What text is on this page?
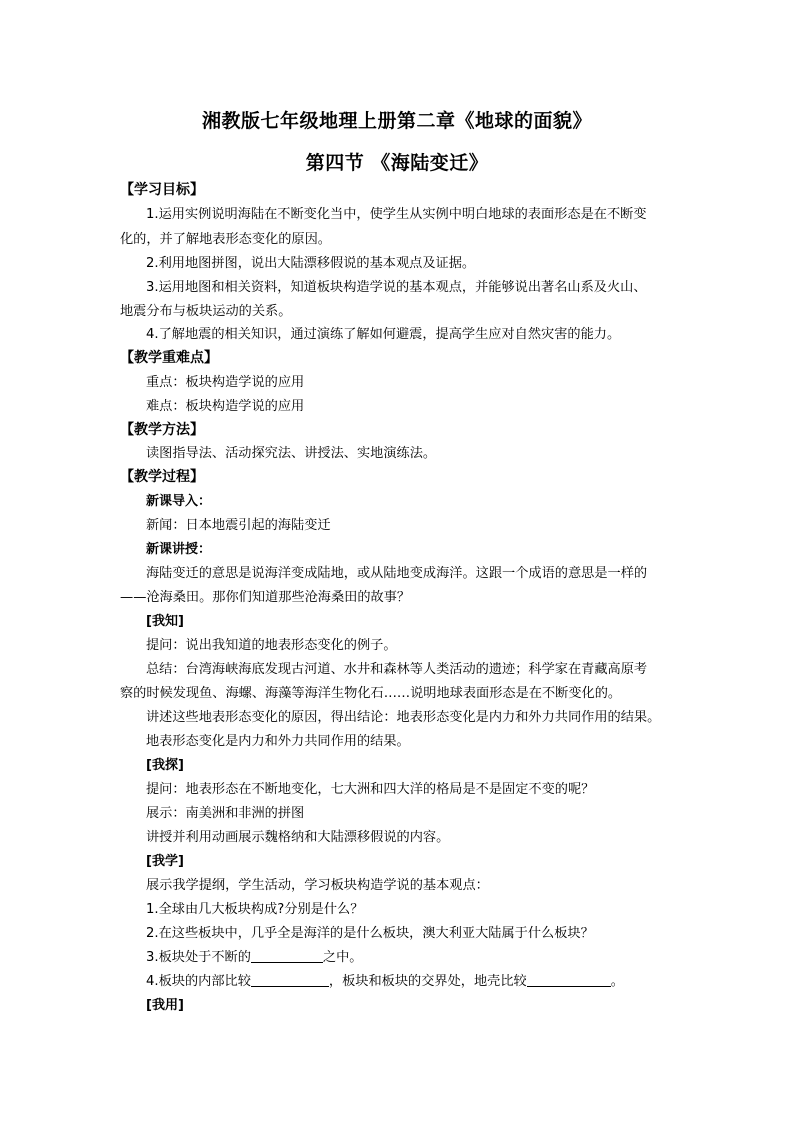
湘教版七年级地理上册第二章《地球的面貌》
第四节 《海陆变迁》
【学习目标】
1.运用实例说明海陆在不断变化当中，使学生从实例中明白地球的表面形态是在不断变
化的，并了解地表形态变化的原因。
2.利用地图拼图，说出大陆漂移假说的基本观点及证据。
3.运用地图和相关资料，知道板块构造学说的基本观点，并能够说出著名山系及火山、
地震分布与板块运动的关系。
4.了解地震的相关知识，通过演练了解如何避震，提高学生应对自然灾害的能力。
【教学重难点】
重点：板块构造学说的应用
难点：板块构造学说的应用
【教学方法】
读图指导法、活动探究法、讲授法、实地演练法。
【教学过程】
新课导入：
新闻：日本地震引起的海陆变迁
新课讲授：
海陆变迁的意思是说海洋变成陆地，或从陆地变成海洋。这跟一个成语的意思是一样的
——沧海桑田。那你们知道那些沧海桑田的故事？
[我知]
提问：说出我知道的地表形态变化的例子。
总结：台湾海峡海底发现古河道、水井和森林等人类活动的遗迹；科学家在青藏高原考
察的时候发现鱼、海螺、海藻等海洋生物化石……说明地球表面形态是在不断变化的。
讲述这些地表形态变化的原因，得出结论：地表形态变化是内力和外力共同作用的结果。
地表形态变化是内力和外力共同作用的结果。
[我探]
提问：地表形态在不断地变化，七大洲和四大洋的格局是不是固定不变的呢？
展示：南美洲和非洲的拼图
讲授并利用动画展示魏格纳和大陆漂移假说的内容。
[我学]
展示我学提纲，学生活动，学习板块构造学说的基本观点：
1.全球由几大板块构成?分别是什么？
2.在这些板块中，几乎全是海洋的是什么板块，澳大利亚大陆属于什么板块？
3.板块处于不断的	之中。
4.板块的内部比较	，板块和板块的交界处，地壳比较	。
[我用]
